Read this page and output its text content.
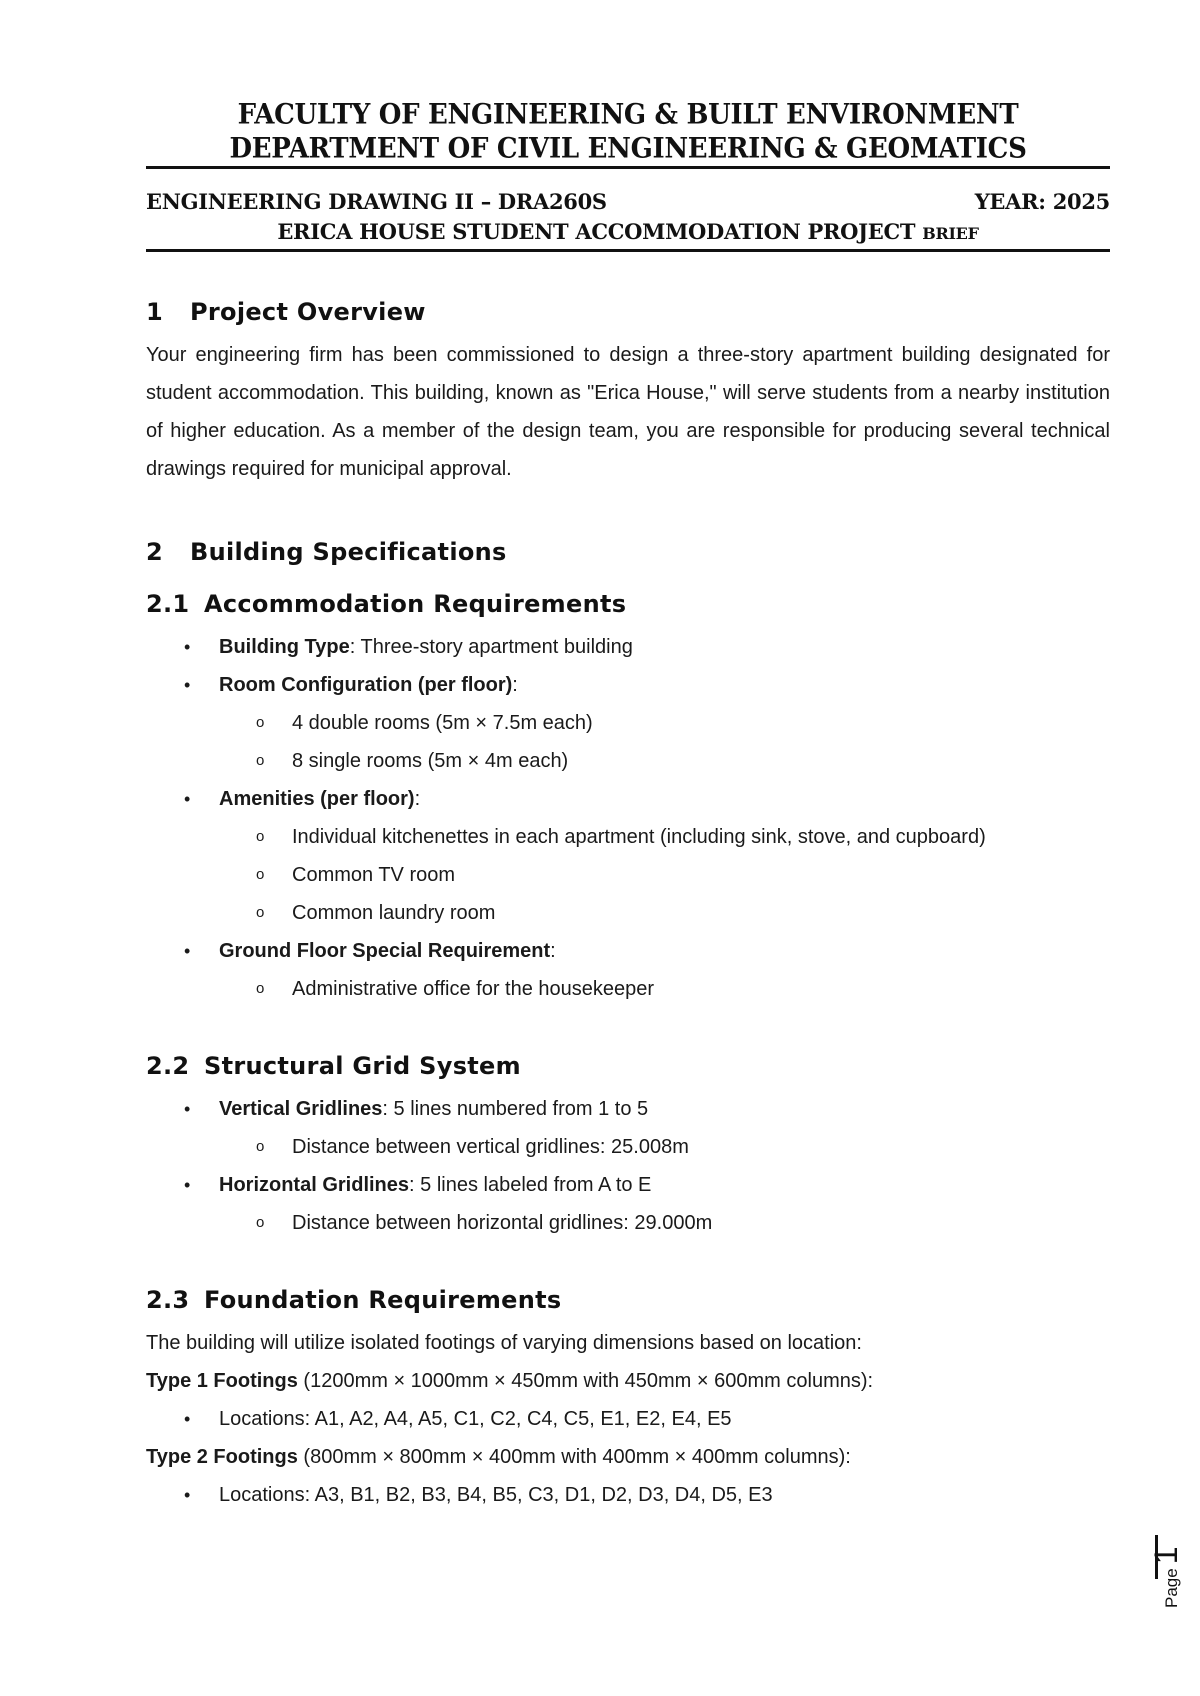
FACULTY OF ENGINEERING & BUILT ENVIRONMENT
DEPARTMENT OF CIVIL ENGINEERING & GEOMATICS
ENGINEERING DRAWING II – DRA260S	YEAR: 2025
ERICA HOUSE STUDENT ACCOMMODATION PROJECT BRIEF
1 Project Overview

Your engineering firm has been commissioned to design a three-story apartment building designated for student accommodation. This building, known as "Erica House," will serve students from a nearby institution of higher education. As a member of the design team, you are responsible for producing several technical drawings required for municipal approval.

2 Building Specifications
2.1 Accommodation Requirements
• Building Type: Three-story apartment building
• Room Configuration (per floor):
o 4 double rooms (5m × 7.5m each)
o 8 single rooms (5m × 4m each)
• Amenities (per floor):
o Individual kitchenettes in each apartment (including sink, stove, and cupboard)
o Common TV room
o Common laundry room
• Ground Floor Special Requirement:
o Administrative office for the housekeeper
2.2 Structural Grid System
• Vertical Gridlines: 5 lines numbered from 1 to 5
o Distance between vertical gridlines: 25.008m
• Horizontal Gridlines: 5 lines labeled from A to E
o Distance between horizontal gridlines: 29.000m
2.3 Foundation Requirements

The building will utilize isolated footings of varying dimensions based on location:

Type 1 Footings (1200mm × 1000mm × 450mm with 450mm × 600mm columns):

• Locations: A1, A2, A4, A5, C1, C2, C4, C5, E1, E2, E4, E5

Type 2 Footings (800mm × 800mm × 400mm with 400mm × 400mm columns):

• Locations: A3, B1, B2, B3, B4, B5, C3, D1, D2, D3, D4, D5, E3
Page
1
